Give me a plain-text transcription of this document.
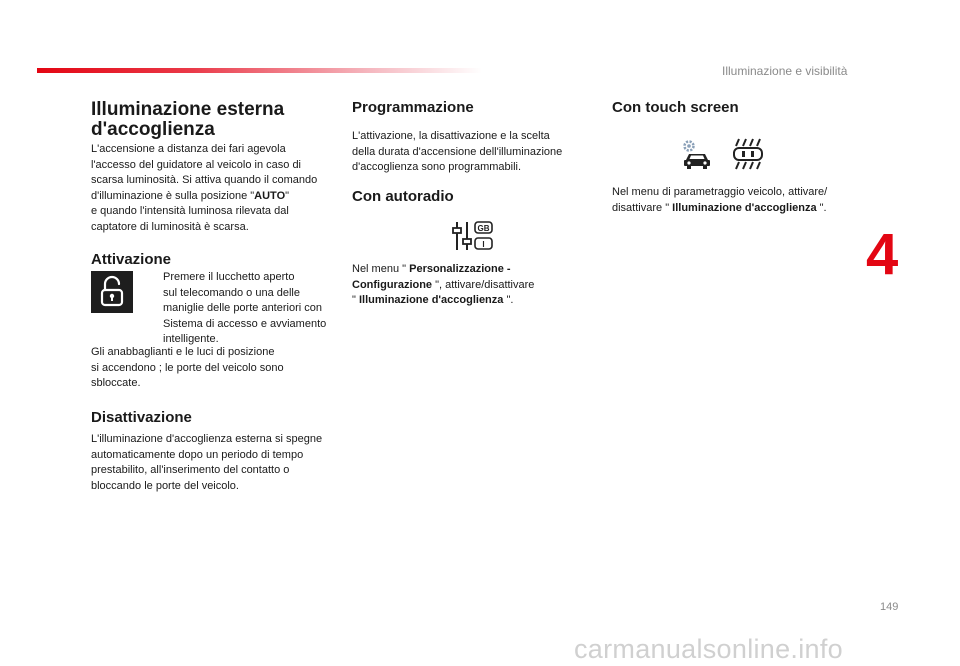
Illuminazione e visibilità
4
Illuminazione esterna
d'accoglienza
L'accensione a distanza dei fari agevola
l'accesso del guidatore al veicolo in caso di
scarsa luminosità. Si attiva quando il comando
d'illuminazione è sulla posizione "AUTO"
e quando l'intensità luminosa rilevata dal
captatore di luminosità è scarsa.
Attivazione
Premere il lucchetto aperto
sul telecomando o una delle
maniglie delle porte anteriori con
Sistema di accesso e avviamento
intelligente.
Gli anabbaglianti e le luci di posizione
si accendono ; le porte del veicolo sono
sbloccate.
Disattivazione
L'illuminazione d'accoglienza esterna si spegne
automaticamente dopo un periodo di tempo
prestabilito, all'inserimento del contatto o
bloccando le porte del veicolo.
Programmazione
L'attivazione, la disattivazione e la scelta
della durata d'accensione dell'illuminazione
d'accoglienza sono programmabili.
Con autoradio
GB
I
Nel menu " Personalizzazione -
Configurazione ", attivare/disattivare
" Illuminazione d'accoglienza ".
Con touch screen
Nel menu di parametraggio veicolo, attivare/
disattivare " Illuminazione d'accoglienza ".
149
carmanualsonline.info
